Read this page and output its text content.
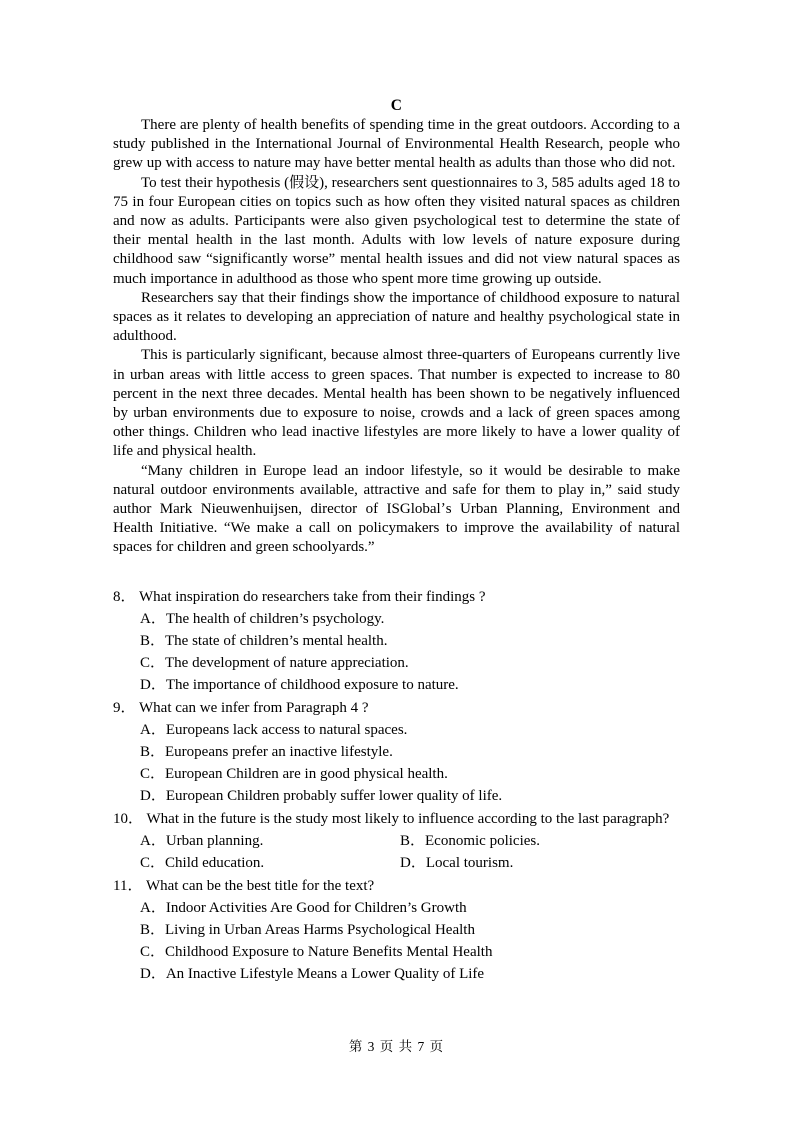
C

There are plenty of health benefits of spending time in the great outdoors. According to a study published in the International Journal of Environmental Health Research, people who grew up with access to nature may have better mental health as adults than those who did not.

To test their hypothesis (假设), researchers sent questionnaires to 3, 585 adults aged 18 to 75 in four European cities on topics such as how often they visited natural spaces as children and now as adults. Participants were also given psychological test to determine the state of their mental health in the last month. Adults with low levels of nature exposure during childhood saw “significantly worse” mental health issues and did not view natural spaces as much importance in adulthood as those who spent more time growing up outside.

Researchers say that their findings show the importance of childhood exposure to natural spaces as it relates to developing an appreciation of nature and healthy psychological state in adulthood.

This is particularly significant, because almost three-quarters of Europeans currently live in urban areas with little access to green spaces. That number is expected to increase to 80 percent in the next three decades. Mental health has been shown to be negatively influenced by urban environments due to exposure to noise, crowds and a lack of green spaces among other things. Children who lead inactive lifestyles are more likely to have a lower quality of life and physical health.

“Many children in Europe lead an indoor lifestyle, so it would be desirable to make natural outdoor environments available, attractive and safe for them to play in,” said study author Mark Nieuwenhuijsen, director of ISGlobalʼs Urban Planning, Environment and Health Initiative. “We make a call on policymakers to improve the availability of natural spaces for children and green schoolyards.”

8． What inspiration do researchers take from their findings ?
A．The health of children’s psychology.
B．The state of children’s mental health.
C．The development of nature appreciation.
D．The importance of childhood exposure to nature.
9． What can we infer from Paragraph 4 ?
A．Europeans lack access to natural spaces.
B．Europeans prefer an inactive lifestyle.
C．European Children are in good physical health.
D．European Children probably suffer lower quality of life.
10． What in the future is the study most likely to influence according to the last paragraph?
A．Urban planning.	B．Economic policies.
C．Child education.	D．Local tourism.
11． What can be the best title for the text?
A．Indoor Activities Are Good for Children’s Growth
B．Living in Urban Areas Harms Psychological Health
C．Childhood Exposure to Nature Benefits Mental Health
D．An Inactive Lifestyle Means a Lower Quality of Life
第 3 页 共 7 页
